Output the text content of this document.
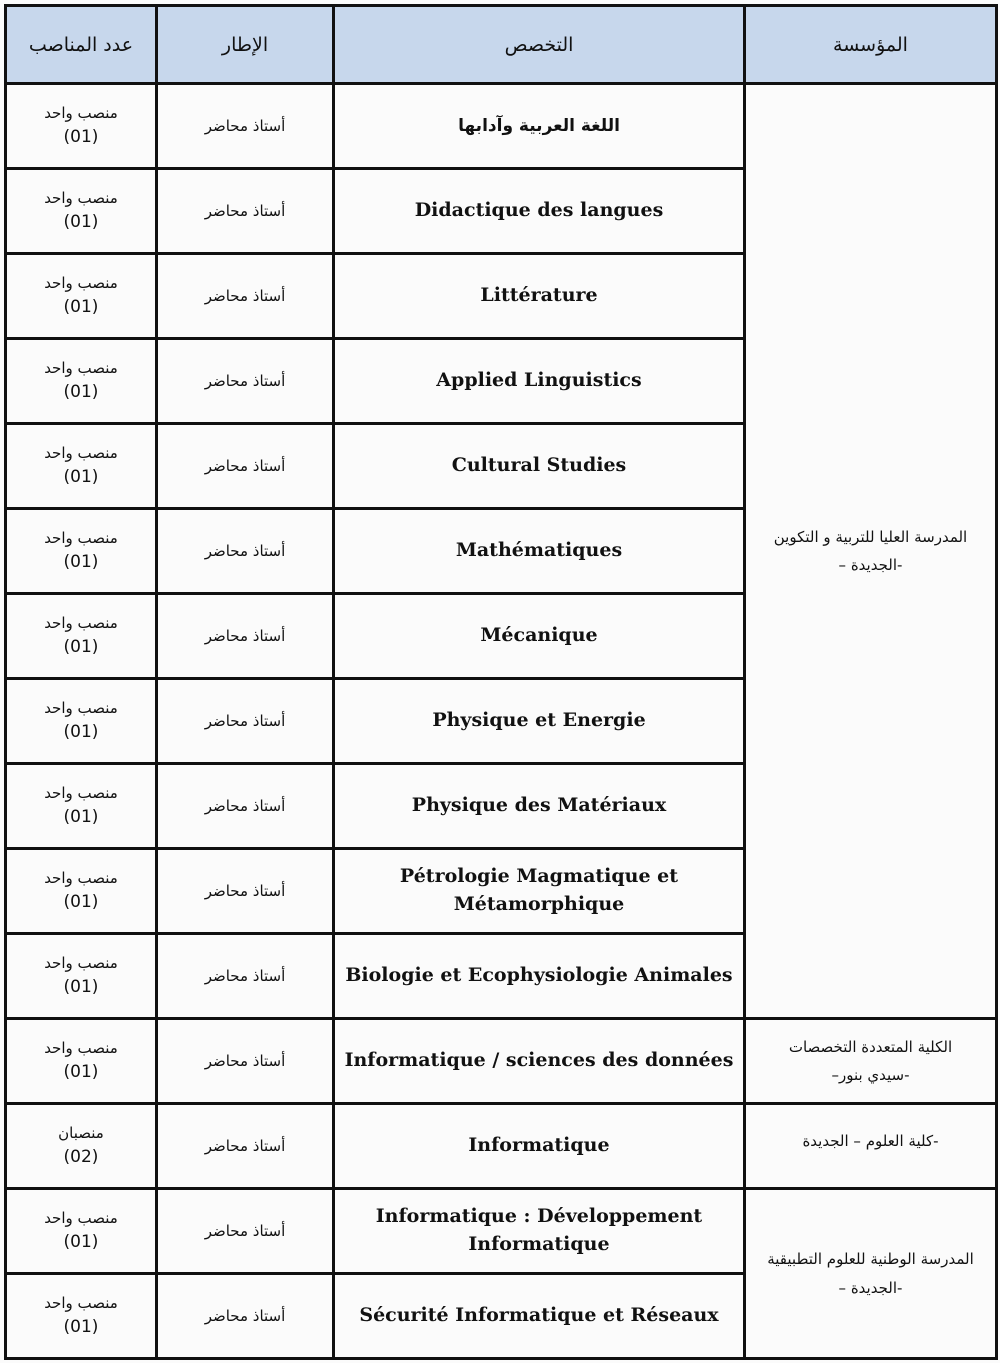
عدد المناصب	الإطار	التخصص	المؤسسة

منصب واحد
(01)	أستاذ محاضر	اللغة العربية وآدابها	المدرسة العليا للتربية و التكوين
– الجديدة-

منصب واحد
(01)	أستاذ محاضر	Didactique des langues	

منصب واحد
(01)	أستاذ محاضر	Littérature	

منصب واحد
(01)	أستاذ محاضر	Applied Linguistics	

منصب واحد
(01)	أستاذ محاضر	Cultural Studies	

منصب واحد
(01)	أستاذ محاضر	Mathématiques	

منصب واحد
(01)	أستاذ محاضر	Mécanique	

منصب واحد
(01)	أستاذ محاضر	Physique et Energie	

منصب واحد
(01)	أستاذ محاضر	Physique des Matériaux	

منصب واحد
(01)	أستاذ محاضر	Pétrologie Magmatique et
Métamorphique	

منصب واحد
(01)	أستاذ محاضر	Biologie et Ecophysiologie Animales	

منصب واحد
(01)	أستاذ محاضر	Informatique / sciences des données	الكلية المتعددة التخصصات
–سيدي بنور-

منصبان
(02)	أستاذ محاضر	Informatique	كلية العلوم – الجديدة-

منصب واحد
(01)	أستاذ محاضر	Informatique : Développement
Informatique	المدرسة الوطنية للعلوم التطبيقية
– الجديدة-

منصب واحد
(01)	أستاذ محاضر	Sécurité Informatique et Réseaux	
